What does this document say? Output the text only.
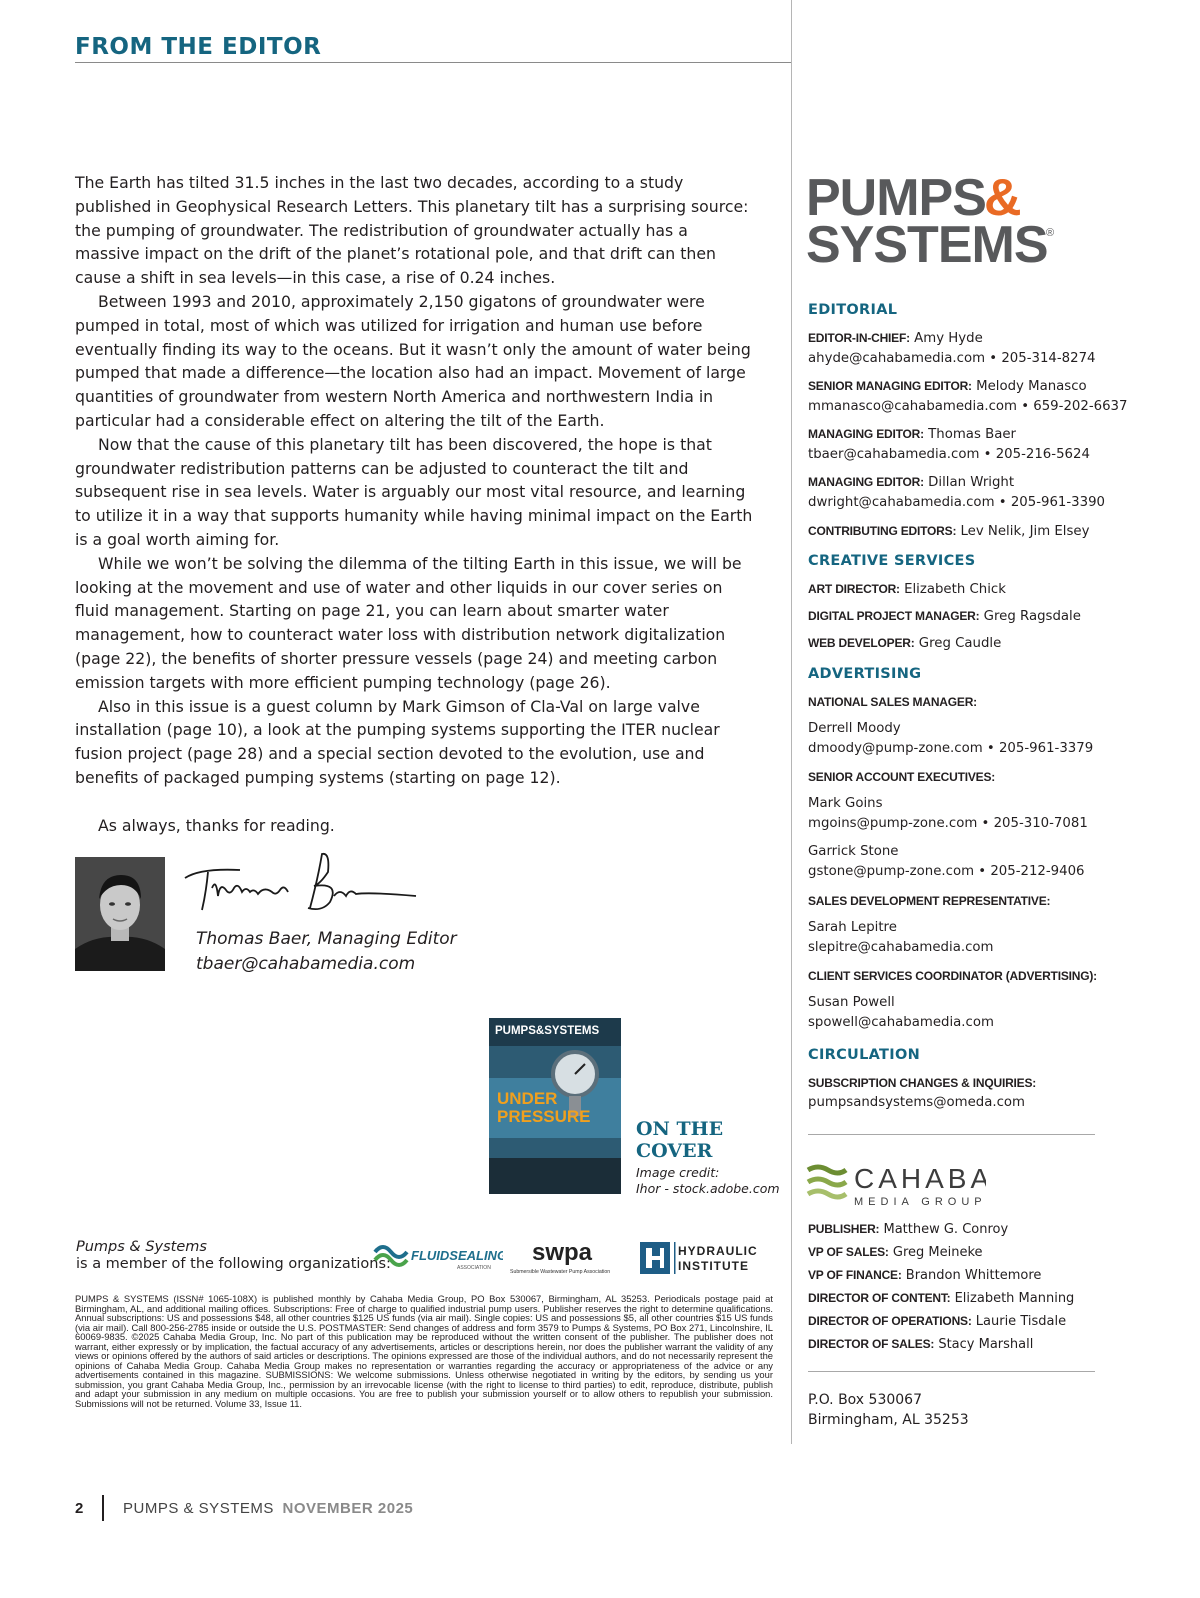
FROM THE EDITOR

The Earth has tilted 31.5 inches in the last two decades, according to a study published in Geophysical Research Letters. This planetary tilt has a surprising source: the pumping of groundwater. The redistribution of groundwater actually has a massive impact on the drift of the planet’s rotational pole, and that drift can then cause a shift in sea levels—in this case, a rise of 0.24 inches.

Between 1993 and 2010, approximately 2,150 gigatons of groundwater were pumped in total, most of which was utilized for irrigation and human use before eventually finding its way to the oceans. But it wasn’t only the amount of water being pumped that made a difference—the location also had an impact. Movement of large quantities of groundwater from western North America and northwestern India in particular had a considerable effect on altering the tilt of the Earth.

Now that the cause of this planetary tilt has been discovered, the hope is that groundwater redistribution patterns can be adjusted to counteract the tilt and subsequent rise in sea levels. Water is arguably our most vital resource, and learning to utilize it in a way that supports humanity while having minimal impact on the Earth is a goal worth aiming for.

While we won’t be solving the dilemma of the tilting Earth in this issue, we will be looking at the movement and use of water and other liquids in our cover series on fluid management. Starting on page 21, you can learn about smarter water management, how to counteract water loss with distribution network digitalization (page 22), the benefits of shorter pressure vessels (page 24) and meeting carbon emission targets with more efficient pumping technology (page 26).

Also in this issue is a guest column by Mark Gimson of Cla-Val on large valve installation (page 10), a look at the pumping systems supporting the ITER nuclear fusion project (page 28) and a special section devoted to the evolution, use and benefits of packaged pumping systems (starting on page 12).

As always, thanks for reading.

Thomas Baer, Managing Editor
tbaer@cahabamedia.com
PUMPS&SYSTEMS
UNDER
PRESSURE
ON THE
COVER
Image credit:
Ihor - stock.adobe.com
Pumps & Systems
is a member of the following organizations:
FLUIDSEALING
ASSOCIATION
swpa
Submersible Wastewater Pump Association
HYDRAULIC
INSTITUTE
PUMPS & SYSTEMS (ISSN# 1065-108X) is published monthly by Cahaba Media Group, PO Box 530067, Birmingham, AL 35253. Periodicals postage paid at Birmingham, AL, and additional mailing offices. Subscriptions: Free of charge to qualified industrial pump users. Publisher reserves the right to determine qualifications. Annual subscriptions: US and possessions $48, all other countries $125 US funds (via air mail). Single copies: US and possessions $5, all other countries $15 US funds (via air mail). Call 800-256-2785 inside or outside the U.S. POSTMASTER: Send changes of address and form 3579 to Pumps & Systems, PO Box 271, Lincolnshire, IL 60069-9835. ©2025 Cahaba Media Group, Inc. No part of this publication may be reproduced without the written consent of the publisher. The publisher does not warrant, either expressly or by implication, the factual accuracy of any advertisements, articles or descriptions herein, nor does the publisher warrant the validity of any views or opinions offered by the authors of said articles or descriptions. The opinions expressed are those of the individual authors, and do not necessarily represent the opinions of Cahaba Media Group. Cahaba Media Group makes no representation or warranties regarding the accuracy or appropriateness of the advice or any advertisements contained in this magazine. SUBMISSIONS: We welcome submissions. Unless otherwise negotiated in writing by the editors, by sending us your submission, you grant Cahaba Media Group, Inc., permission by an irrevocable license (with the right to license to third parties) to edit, reproduce, distribute, publish and adapt your submission in any medium on multiple occasions. You are free to publish your submission yourself or to allow others to republish your submission. Submissions will not be returned. Volume 33, Issue 11.
2	PUMPS & SYSTEMS NOVEMBER 2025
PUMPS
&
SYSTEMS
®
EDITORIAL
EDITOR-IN-CHIEF: Amy Hyde
ahyde@cahabamedia.com • 205-314-8274
SENIOR MANAGING EDITOR: Melody Manasco
mmanasco@cahabamedia.com • 659-202-6637
MANAGING EDITOR: Thomas Baer
tbaer@cahabamedia.com • 205-216-5624
MANAGING EDITOR: Dillan Wright
dwright@cahabamedia.com • 205-961-3390
CONTRIBUTING EDITORS: Lev Nelik, Jim Elsey
CREATIVE SERVICES
ART DIRECTOR: Elizabeth Chick
DIGITAL PROJECT MANAGER: Greg Ragsdale
WEB DEVELOPER: Greg Caudle
ADVERTISING
NATIONAL SALES MANAGER:
Derrell Moody
dmoody@pump-zone.com • 205-961-3379
SENIOR ACCOUNT EXECUTIVES:
Mark Goins
mgoins@pump-zone.com • 205-310-7081
Garrick Stone
gstone@pump-zone.com • 205-212-9406
SALES DEVELOPMENT REPRESENTATIVE:
Sarah Lepitre
slepitre@cahabamedia.com
CLIENT SERVICES COORDINATOR (ADVERTISING):
Susan Powell
spowell@cahabamedia.com
CIRCULATION
SUBSCRIPTION CHANGES & INQUIRIES:
pumpsandsystems@omeda.com
CAHABA
MEDIA GROUP
PUBLISHER: Matthew G. Conroy
VP OF SALES: Greg Meineke
VP OF FINANCE: Brandon Whittemore
DIRECTOR OF CONTENT: Elizabeth Manning
DIRECTOR OF OPERATIONS: Laurie Tisdale
DIRECTOR OF SALES: Stacy Marshall
P.O. Box 530067
Birmingham, AL 35253
